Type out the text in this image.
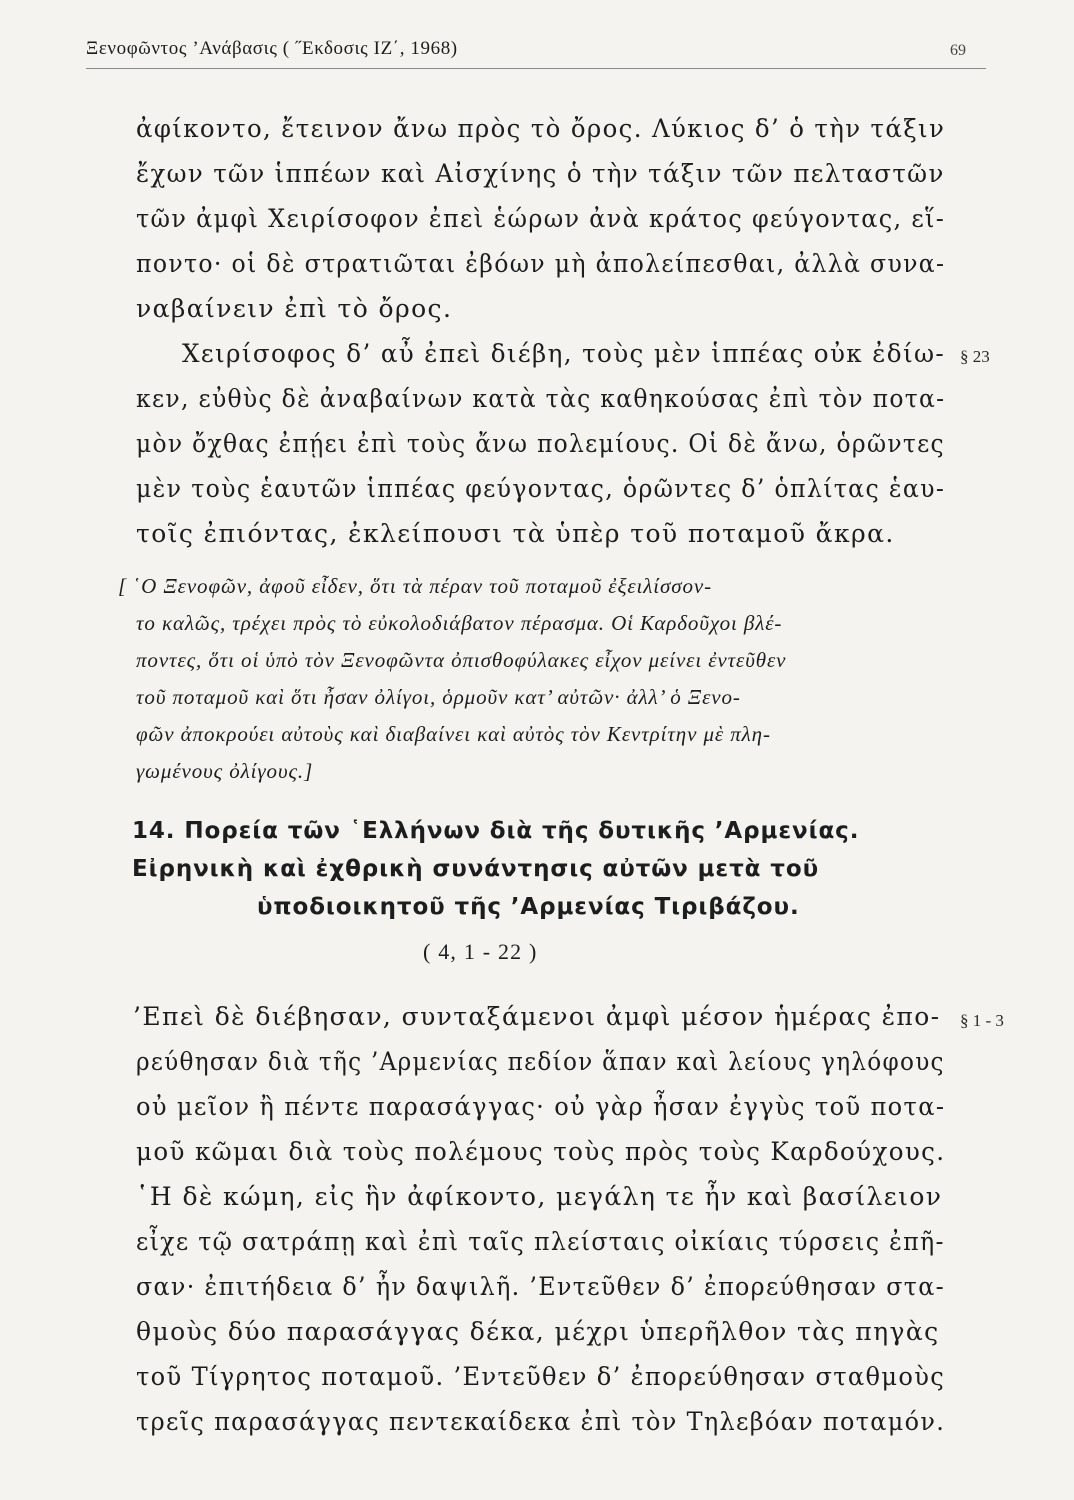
Ξενοφῶντος ’Ανάβασις ( ˝Εκδοσις ΙΖ΄, 1968)	69
ἀφίκοντο, ἔτεινον ἄνω πρὸς τὸ ὄρος. Λύκιος δ’ ὁ τὴν τάξιν
ἔχων τῶν ἱππέων καὶ Αἰσχίνης ὁ τὴν τάξιν τῶν πελταστῶν
τῶν ἀμφὶ Χειρίσοφον ἐπεὶ ἑώρων ἀνὰ κράτος φεύγοντας, εἵ-
ποντο· οἱ δὲ στρατιῶται ἐβόων μὴ ἀπολείπεσθαι, ἀλλὰ συνα-
ναβαίνειν ἐπὶ τὸ ὄρος.
Χειρίσοφος δ’ αὖ ἐπεὶ διέβη, τοὺς μὲν ἱππέας οὐκ ἐδίω-
κεν, εὐθὺς δὲ ἀναβαίνων κατὰ τὰς καθηκούσας ἐπὶ τὸν ποτα-
μὸν ὄχθας ἐπῄει ἐπὶ τοὺς ἄνω πολεμίους. Οἱ δὲ ἄνω, ὁρῶντες
μὲν τοὺς ἑαυτῶν ἱππέας φεύγοντας, ὁρῶντες δ’ ὁπλίτας ἑαυ-
τοῖς ἐπιόντας, ἐκλείπουσι τὰ ὑπὲρ τοῦ ποταμοῦ ἄκρα.
§ 23
[ ῾Ο Ξενοφῶν, ἀφοῦ εἶδεν, ὅτι τὰ πέραν τοῦ ποταμοῦ ἐξειλίσσον-
το καλῶς, τρέχει πρὸς τὸ εὐκολοδιάβατον πέρασμα. Οἱ Καρδοῦχοι βλέ-
ποντες, ὅτι οἱ ὑπὸ τὸν Ξενοφῶντα ὀπισθοφύλακες εἶχον μείνει ἐντεῦθεν
τοῦ ποταμοῦ καὶ ὅτι ἦσαν ὀλίγοι, ὁρμοῦν κατ’ αὐτῶν· ἀλλ’ ὁ Ξενο-
φῶν ἀποκρούει αὐτοὺς καὶ διαβαίνει καὶ αὐτὸς τὸν Κεντρίτην μὲ πλη-
γωμένους ὀλίγους.]
14. Πορεία τῶν ῾Ελλήνων διὰ τῆς δυτικῆς ’Αρμενίας.
Εἰρηνικὴ καὶ ἐχθρικὴ συνάντησις αὐτῶν μετὰ τοῦ
ὑποδιοικητοῦ τῆς ’Αρμενίας Τιριβάζου.
( 4, 1 - 22 )
’Επεὶ δὲ διέβησαν, συνταξάμενοι ἀμφὶ μέσον ἡμέρας ἐπο-
ρεύθησαν διὰ τῆς ’Αρμενίας πεδίον ἅπαν καὶ λείους γηλόφους
οὐ μεῖον ἢ πέντε παρασάγγας· οὐ γὰρ ἦσαν ἐγγὺς τοῦ ποτα-
μοῦ κῶμαι διὰ τοὺς πολέμους τοὺς πρὸς τοὺς Καρδούχους.
῾Η δὲ κώμη, εἰς ἣν ἀφίκοντο, μεγάλη τε ἦν καὶ βασίλειον
εἶχε τῷ σατράπῃ καὶ ἐπὶ ταῖς πλείσταις οἰκίαις τύρσεις ἐπῆ-
σαν· ἐπιτήδεια δ’ ἦν δαψιλῆ. ’Εντεῦθεν δ’ ἐπορεύθησαν στα-
θμοὺς δύο παρασάγγας δέκα, μέχρι ὑπερῆλθον τὰς πηγὰς
τοῦ Τίγρητος ποταμοῦ. ’Εντεῦθεν δ’ ἐπορεύθησαν σταθμοὺς
τρεῖς παρασάγγας πεντεκαίδεκα ἐπὶ τὸν Τηλεβόαν ποταμόν.
§ 1 - 3
